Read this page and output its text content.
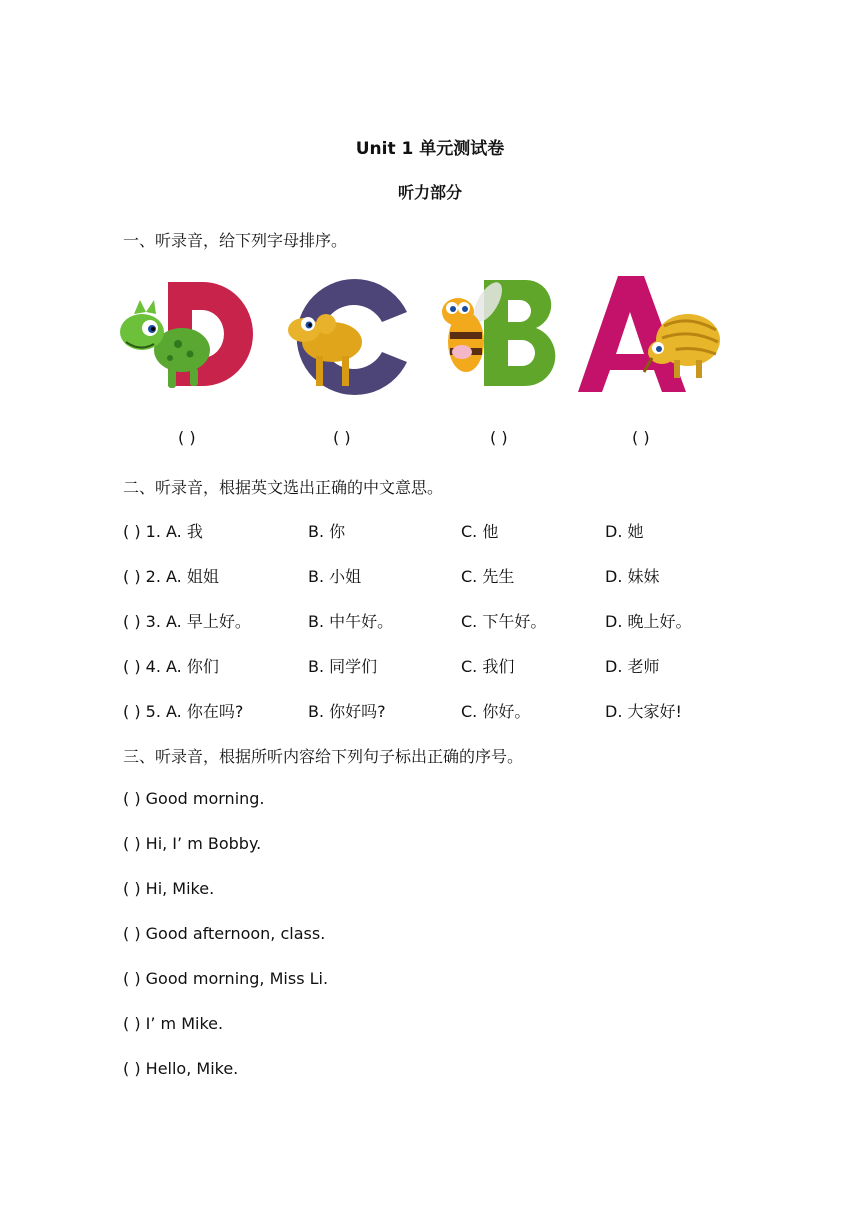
Unit 1 单元测试卷
听力部分
一、听录音，给下列字母排序。
( )	( )	( )	( )
二、听录音，根据英文选出正确的中文意思。
( ) 1. A. 我	B. 你	C. 他	D. 她
( ) 2. A. 姐姐	B. 小姐	C. 先生	D. 妹妹
( ) 3. A. 早上好。	B. 中午好。	C. 下午好。	D. 晚上好。
( ) 4. A. 你们	B. 同学们	C. 我们	D. 老师
( ) 5. A. 你在吗?	B. 你好吗?	C. 你好。	D. 大家好!
三、听录音，根据所听内容给下列句子标出正确的序号。
( ) Good morning.
( ) Hi, I’ m Bobby.
( ) Hi, Mike.
( ) Good afternoon, class.
( ) Good morning, Miss Li.
( ) I’ m Mike.
( ) Hello, Mike.
